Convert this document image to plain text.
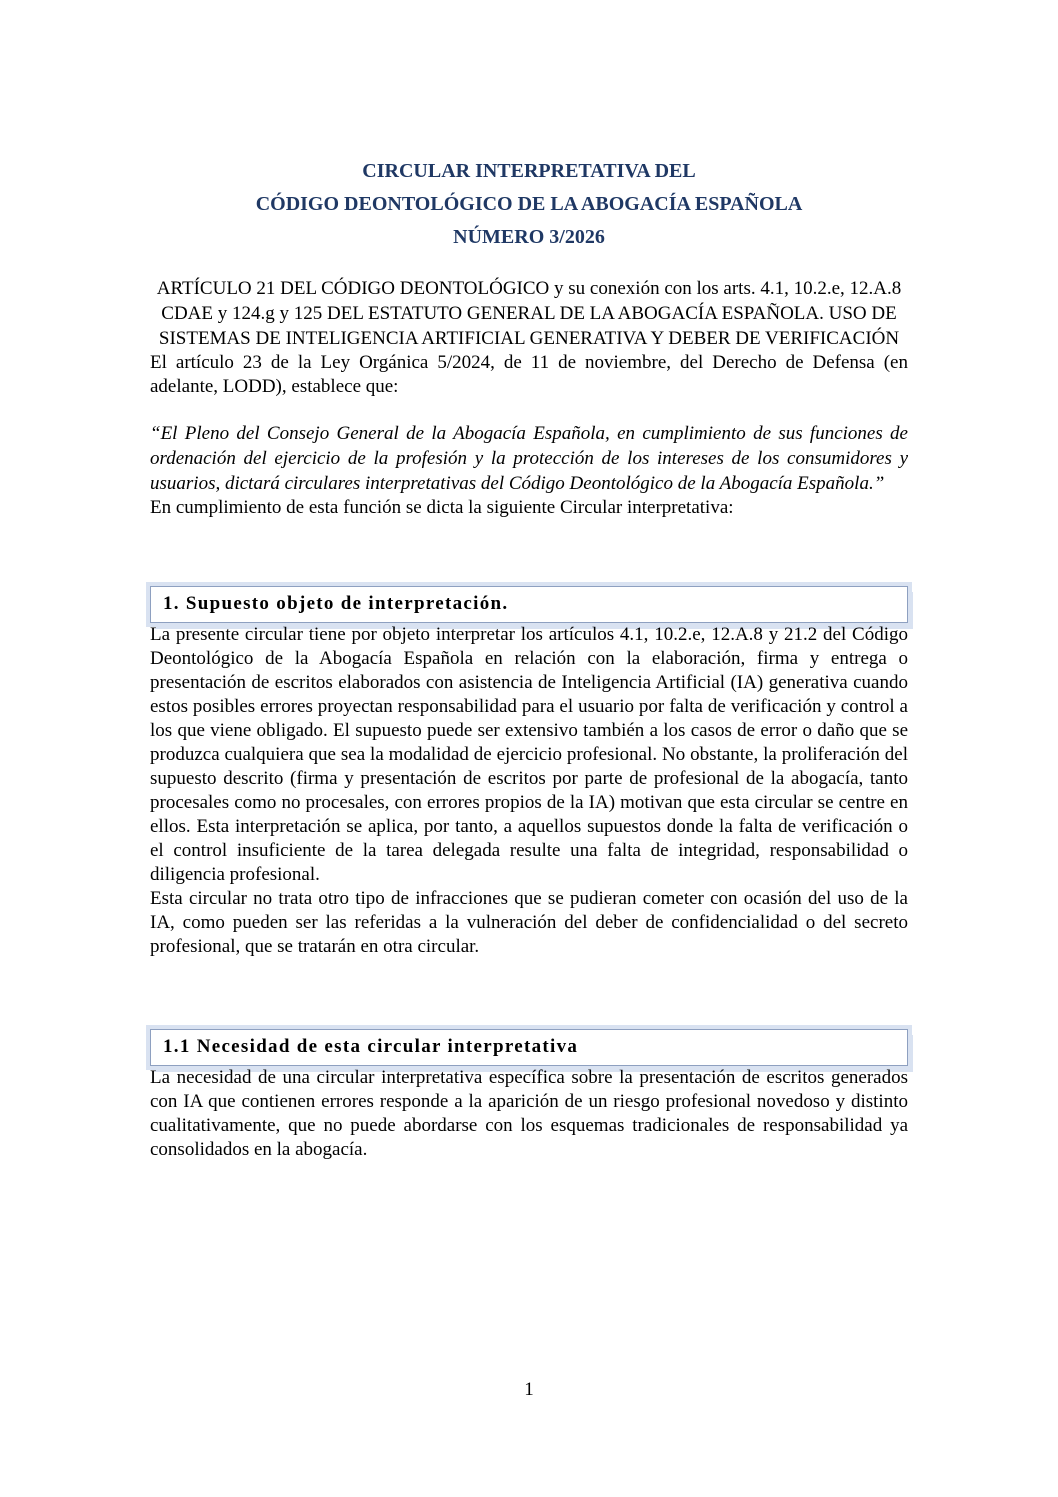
CIRCULAR INTERPRETATIVA DEL
CÓDIGO DEONTOLÓGICO DE LA ABOGACÍA ESPAÑOLA
NÚMERO 3/2026

ARTÍCULO 21 DEL CÓDIGO DEONTOLÓGICO y su conexión con los arts. 4.1, 10.2.e, 12.A.8 CDAE y 124.g y 125 DEL ESTATUTO GENERAL DE LA ABOGACÍA ESPAÑOLA. USO DE SISTEMAS DE INTELIGENCIA ARTIFICIAL GENERATIVA Y DEBER DE VERIFICACIÓN

El artículo 23 de la Ley Orgánica 5/2024, de 11 de noviembre, del Derecho de Defensa (en adelante, LODD), establece que:

“El Pleno del Consejo General de la Abogacía Española, en cumplimiento de sus funciones de ordenación del ejercicio de la profesión y la protección de los intereses de los consumidores y usuarios, dictará circulares interpretativas del Código Deontológico de la Abogacía Española.”

En cumplimiento de esta función se dicta la siguiente Circular interpretativa:

1. Supuesto objeto de interpretación.

La presente circular tiene por objeto interpretar los artículos 4.1, 10.2.e, 12.A.8 y 21.2 del Código Deontológico de la Abogacía Española en relación con la elaboración, firma y entrega o presentación de escritos elaborados con asistencia de Inteligencia Artificial (IA) generativa cuando estos posibles errores proyectan responsabilidad para el usuario por falta de verificación y control a los que viene obligado. El supuesto puede ser extensivo también a los casos de error o daño que se produzca cualquiera que sea la modalidad de ejercicio profesional. No obstante, la proliferación del supuesto descrito (firma y presentación de escritos por parte de profesional de la abogacía, tanto procesales como no procesales, con errores propios de la IA) motivan que esta circular se centre en ellos. Esta interpretación se aplica, por tanto, a aquellos supuestos donde la falta de verificación o el control insuficiente de la tarea delegada resulte una falta de integridad, responsabilidad o diligencia profesional.

Esta circular no trata otro tipo de infracciones que se pudieran cometer con ocasión del uso de la IA, como pueden ser las referidas a la vulneración del deber de confidencialidad o del secreto profesional, que se tratarán en otra circular.

1.1 Necesidad de esta circular interpretativa

La necesidad de una circular interpretativa específica sobre la presentación de escritos generados con IA que contienen errores responde a la aparición de un riesgo profesional novedoso y distinto cualitativamente, que no puede abordarse con los esquemas tradicionales de responsabilidad ya consolidados en la abogacía.

1
